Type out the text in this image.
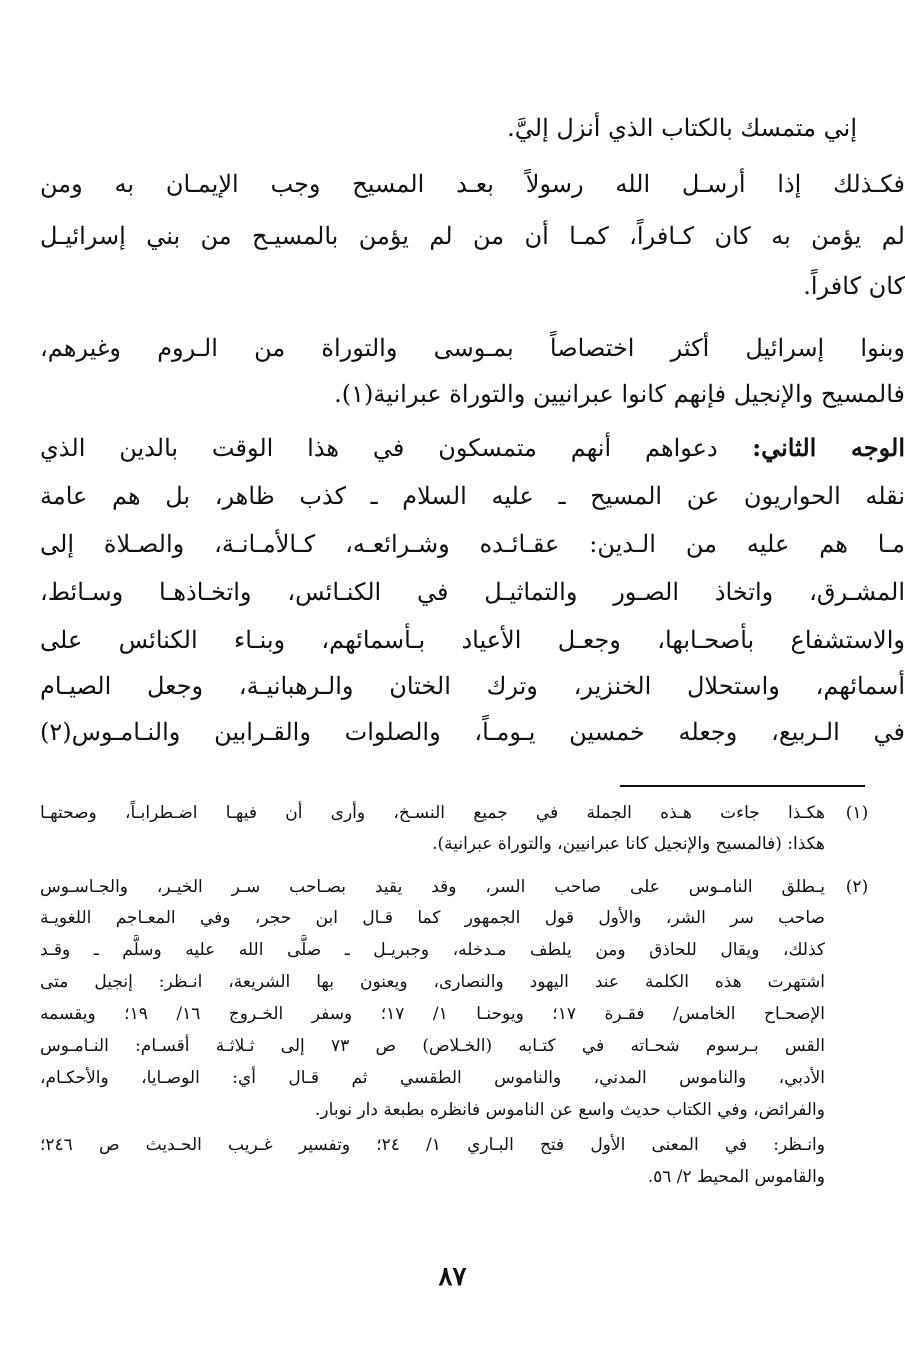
إني متمسك بالكتاب الذي أنزل إليَّ.
فكـذلك إذا أرسـل الله رسولاً بعـد المسيح وجب الإيمـان به ومن
لم يؤمن به كان كـافراً، كمـا أن من لم يؤمن بالمسيـح من بني إسرائيـل
كان كافراً.
وبنوا إسرائيل أكثر اختصاصاً بمـوسى والتوراة من الـروم وغيرهم،
فالمسيح والإنجيل فإنهم كانوا عبرانيين والتوراة عبرانية(١).
الوجه الثاني: دعواهم أنهم متمسكون في هذا الوقت بالدين الذي
نقله الحواريون عن المسيح ـ عليه السلام ـ كذب ظاهر، بل هم عامة
مـا هم عليه من الـدين: عقـائـده وشـرائعـه، كـالأمـانـة، والصـلاة إلى
المشـرق، واتخاذ الصـور والتماثيـل في الكنـائس، واتخـاذهـا وسـائط،
والاستشفاع بأصحـابها، وجعـل الأعياد بـأسمائهم، وبنـاء الكنائس على
أسمائهم، واستحلال الخنزير، وترك الختان والـرهبانيـة، وجعل الصيـام
في الـربيع، وجعله خمسين يـومـاً، والصلوات والقـرابين والنـامـوس(٢)
(١)
هكـذا جاءت هـذه الجملة في جميع النسـخ، وأرى أن فيهـا اضـطرابـاً، وصحتهـا
هكذا: (فالمسيح والإنجيل كانا عبرانيين، والتوراة عبرانية).
(٢)
يـطلق النامـوس على صاحب السر، وقد يقيد بصـاحب سـر الخيـر، والجـاسـوس
صاحب سر الشر، والأول قول الجمهور كما قـال ابن حجر، وفي المعـاجم اللغويـة
كذلك، ويقال للحاذق ومن يلطف مـدخله، وجبريـل ـ صلَّى الله عليه وسلَّم ـ وقـد
اشتهرت هذه الكلمة عند اليهود والنصارى، ويعنون بها الشريعة، انـظر: إنجيل متى
الإصحـاح الخامس/ فقـرة ١٧؛ ويوحنـا ١/ ١٧؛ وسفر الخـروج ١٦/ ١٩؛ ويقسمه
القس بـرسوم شحـاته في كتـابه (الخـلاص) ص ٧٣ إلى ثـلاثـة أقسـام: النـامـوس
الأدبي، والناموس المدني، والناموس الطقسي ثم قـال أي: الوصـايا، والأحكـام،
والفرائض، وفي الكتاب حديث واسع عن الناموس فانظره بطبعة دار نوبار.
وانـظر: في المعنى الأول فتح البـاري ١/ ٢٤؛ وتفسير غـريب الحـديث ص ٢٤٦؛
والقاموس المحيط ٢/ ٥٦.
٨٧
